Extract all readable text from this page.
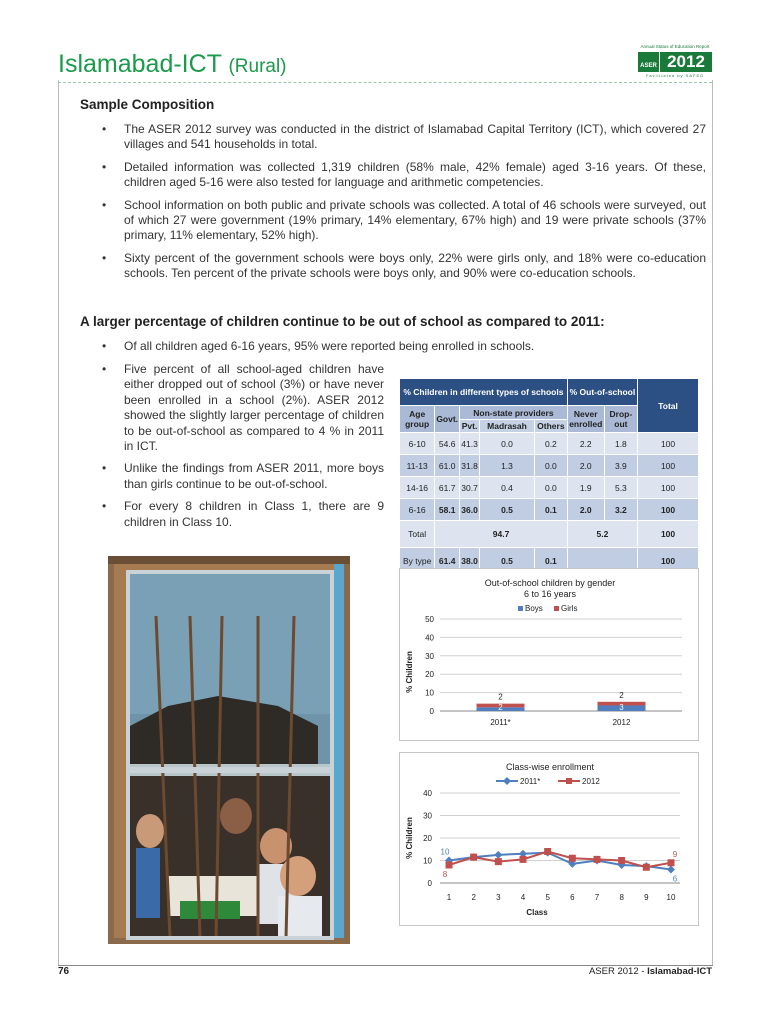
Islamabad-ICT (Rural)
Annual Status of Education Report
ASER 2012
Facilitated by SAFED
Sample Composition
• The ASER 2012 survey was conducted in the district of Islamabad Capital Territory (ICT), which covered 27 villages and 541 households in total.
• Detailed information was collected 1,319 children (58% male, 42% female) aged 3-16 years. Of these, children aged 5-16 were also tested for language and arithmetic competencies.
• School information on both public and private schools was collected. A total of 46 schools were surveyed, out of which 27 were government (19% primary, 14% elementary, 67% high) and 19 were private schools (37% primary, 11% elementary, 52% high).
• Sixty percent of the government schools were boys only, 22% were girls only, and 18% were co-education schools. Ten percent of the private schools were boys only, and 90% were co-education schools.
A larger percentage of children continue to be out of school as compared to 2011:
• Of all children aged 6-16 years, 95% were reported being enrolled in schools.
• Five percent of all school-aged children have either dropped out of school (3%) or have never been enrolled in a school (2%). ASER 2012 showed the slightly larger percentage of children to be out-of-school as compared to 4 % in 2011 in ICT.
• Unlike the findings from ASER 2011, more boys than girls continue to be out-of-school.
• For every 8 children in Class 1, there are 9 children in Class 10.
% Children in different types of schools					% Out-of-school		Total
Age group	Govt.	Non-state providers			Never enrolled	Drop-out	
		Pvt.	Madrasah	Others			
6-10	54.6	41.3	0.0	0.2	2.2	1.8	100
11-13	61.0	31.8	1.3	0.0	2.0	3.9	100
14-16	61.7	30.7	0.4	0.0	1.9	5.3	100
6-16	58.1	36.0	0.5	0.1	2.0	3.2	100
Total	94.7				5.2		100
By type	61.4	38.0	0.5	0.1			100
Out-of-school children by gender
6 to 16 years
Boys Girls
% Children
0
10
20
30
40
50
2
2
2011*
3
2
2012
Class-wise enrollment
2011*	2012
% Children
0
10
20
30
40
1	2	3	4	5	6	7	8	9 10
10
6
8
9
Class
76	ASER 2012 - Islamabad-ICT
